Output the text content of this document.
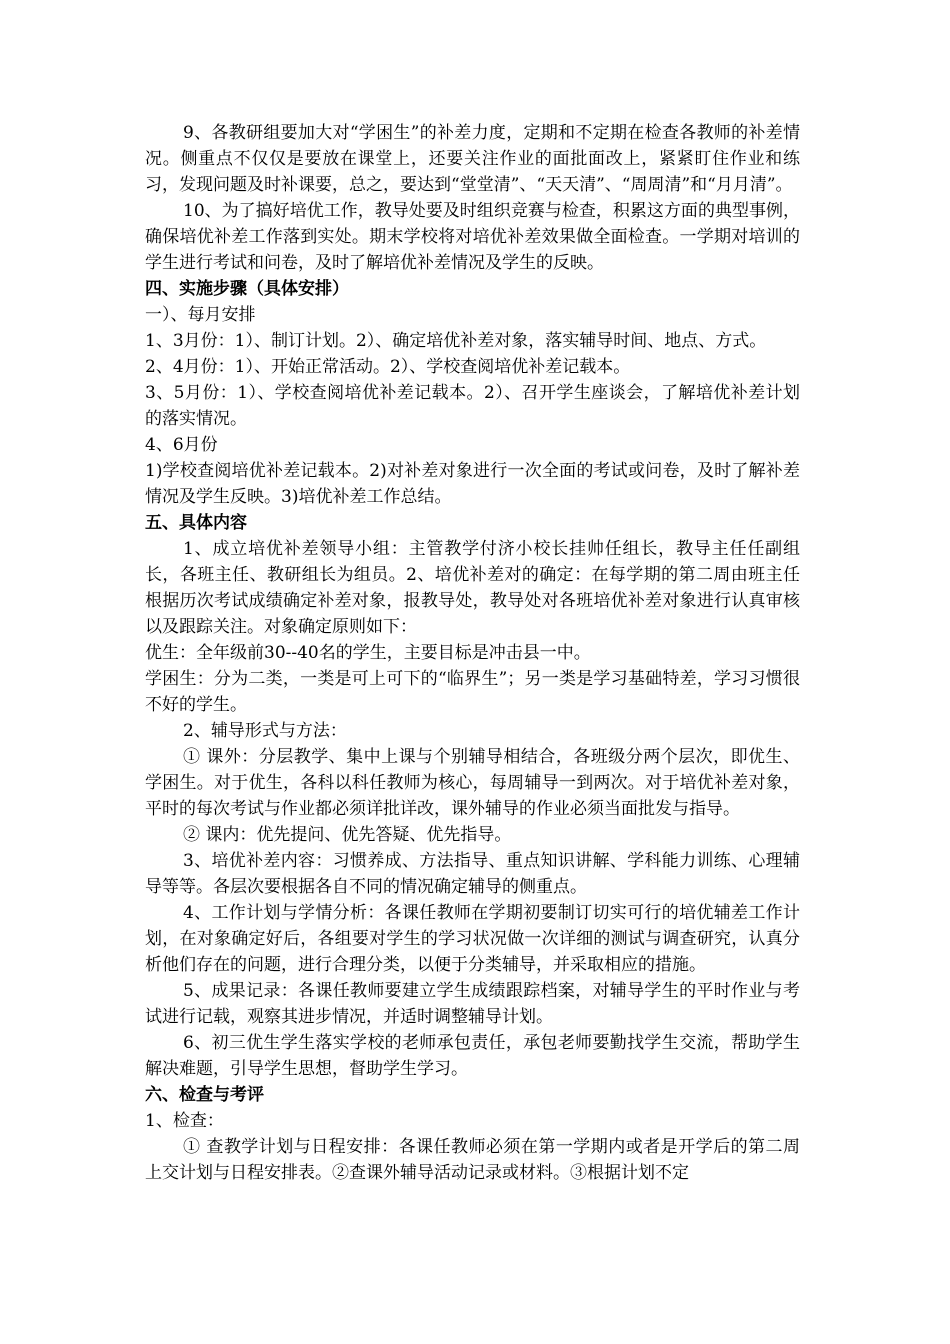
9、各教研组要加大对“学困生”的补差力度，定期和不定期在检查各教师的补差情况。侧重点不仅仅是要放在课堂上，还要关注作业的面批面改上，紧紧盯住作业和练习，发现问题及时补课要，总之，要达到“堂堂清”、“天天清”、“周周清”和“月月清”。

10、为了搞好培优工作，教导处要及时组织竞赛与检查，积累这方面的典型事例，确保培优补差工作落到实处。期末学校将对培优补差效果做全面检查。一学期对培训的学生进行考试和问卷，及时了解培优补差情况及学生的反映。

四、实施步骤（具体安排）

一）、每月安排

1、3月份：1）、制订计划。2）、确定培优补差对象，落实辅导时间、地点、方式。

2、4月份：1）、开始正常活动。2）、学校查阅培优补差记载本。

3、5月份：1）、学校查阅培优补差记载本。2）、召开学生座谈会，了解培优补差计划的落实情况。

4、6月份

1)学校查阅培优补差记载本。2)对补差对象进行一次全面的考试或问卷，及时了解补差情况及学生反映。3)培优补差工作总结。

五、具体内容

1、成立培优补差领导小组：主管教学付济小校长挂帅任组长，教导主任任副组长，各班主任、教研组长为组员。2、培优补差对的确定：在每学期的第二周由班主任根据历次考试成绩确定补差对象，报教导处，教导处对各班培优补差对象进行认真审核以及跟踪关注。对象确定原则如下：

优生：全年级前30--40名的学生，主要目标是冲击县一中。

学困生：分为二类，一类是可上可下的“临界生”；另一类是学习基础特差，学习习惯很不好的学生。

2、辅导形式与方法：

① 课外：分层教学、集中上课与个别辅导相结合，各班级分两个层次，即优生、学困生。对于优生，各科以科任教师为核心，每周辅导一到两次。对于培优补差对象，平时的每次考试与作业都必须详批详改，课外辅导的作业必须当面批发与指导。

② 课内：优先提问、优先答疑、优先指导。

3、培优补差内容：习惯养成、方法指导、重点知识讲解、学科能力训练、心理辅导等等。各层次要根据各自不同的情况确定辅导的侧重点。

4、工作计划与学情分析：各课任教师在学期初要制订切实可行的培优辅差工作计划，在对象确定好后，各组要对学生的学习状况做一次详细的测试与调查研究，认真分析他们存在的问题，进行合理分类，以便于分类辅导，并采取相应的措施。

5、成果记录：各课任教师要建立学生成绩跟踪档案，对辅导学生的平时作业与考试进行记载，观察其进步情况，并适时调整辅导计划。

6、初三优生学生落实学校的老师承包责任，承包老师要勤找学生交流，帮助学生解决难题，引导学生思想，督助学生学习。

六、检查与考评

1、检查：

① 查教学计划与日程安排：各课任教师必须在第一学期内或者是开学后的第二周上交计划与日程安排表。②查课外辅导活动记录或材料。③根据计划不定
